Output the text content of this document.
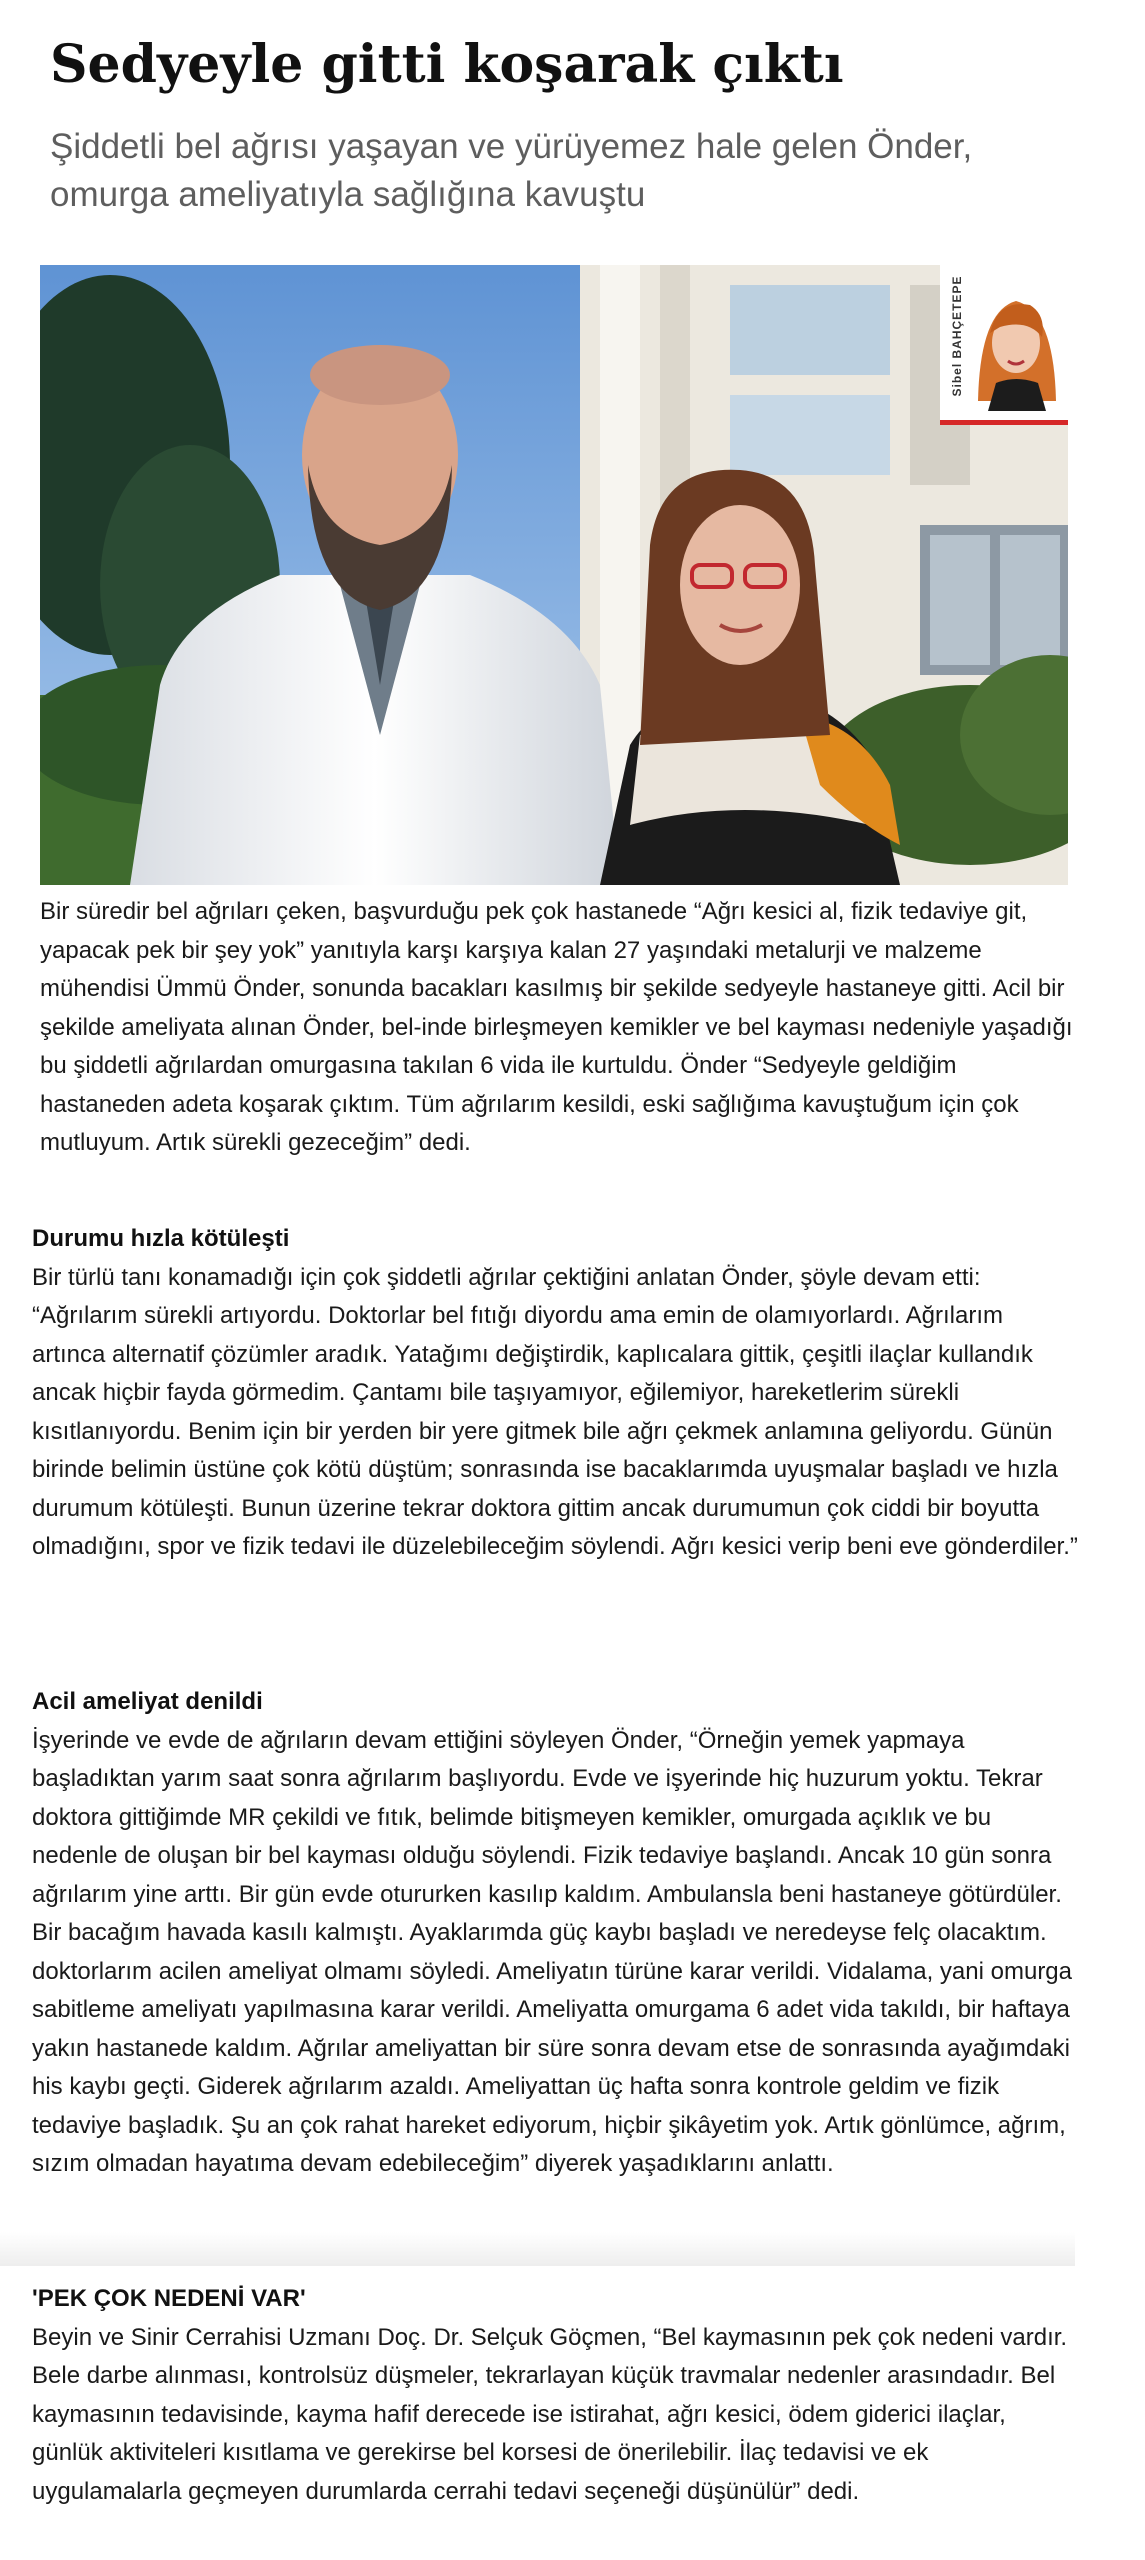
Sedyeyle gitti koşarak çıktı

Şiddetli bel ağrısı yaşayan ve yürüyemez hale gelen Önder, omurga ameliyatıyla sağlığına kavuştu

Sibel BAHÇETEPE

Bir süredir bel ağrıları çeken, başvurduğu pek çok hastanede “Ağrı kesici al, fizik tedaviye git, yapacak pek bir şey yok” yanıtıyla karşı karşıya kalan 27 yaşındaki metalurji ve malzeme mühendisi Ümmü Önder, sonunda bacakları kasılmış bir şekilde sedyeyle hastaneye gitti. Acil bir şekilde ameliyata alınan Önder, bel-inde birleşmeyen kemikler ve bel kayması nedeniyle yaşadığı bu şiddetli ağrılardan omurgasına takılan 6 vida ile kurtuldu. Önder “Sedyeyle geldiğim hastaneden adeta koşarak çıktım. Tüm ağrılarım kesildi, eski sağlığıma kavuştuğum için çok mutluyum. Artık sürekli gezeceğim” dedi.

Durumu hızla kötüleşti

Bir türlü tanı konamadığı için çok şiddetli ağrılar çektiğini anlatan Önder, şöyle devam etti:

“Ağrılarım sürekli artıyordu. Doktorlar bel fıtığı diyordu ama emin de olamıyorlardı. Ağrılarım artınca alternatif çözümler aradık. Yatağımı değiştirdik, kaplıcalara gittik, çeşitli ilaçlar kullandık ancak hiçbir fayda görmedim. Çantamı bile taşıyamıyor, eğilemiyor, hareketlerim sürekli kısıtlanıyordu. Benim için bir yerden bir yere gitmek bile ağrı çekmek anlamına geliyordu. Günün birinde belimin üstüne çok kötü düştüm; sonrasında ise bacaklarımda uyuşmalar başladı ve hızla durumum kötüleşti. Bunun üzerine tekrar doktora gittim ancak durumumun çok ciddi bir boyutta olmadığını, spor ve fizik tedavi ile düzelebileceğim söylendi. Ağrı kesici verip beni eve gönderdiler.”

Acil ameliyat denildi

İşyerinde ve evde de ağrıların devam ettiğini söyleyen Önder, “Örneğin yemek yapmaya başladıktan yarım saat sonra ağrılarım başlıyordu. Evde ve işyerinde hiç huzurum yoktu. Tekrar doktora gittiğimde MR çekildi ve fıtık, belimde bitişmeyen kemikler, omurgada açıklık ve bu nedenle de oluşan bir bel kayması olduğu söylendi. Fizik tedaviye başlandı. Ancak 10 gün sonra ağrılarım yine arttı. Bir gün evde otururken kasılıp kaldım. Ambulansla beni hastaneye götürdüler. Bir bacağım havada kasılı kalmıştı. Ayaklarımda güç kaybı başladı ve neredeyse felç olacaktım. doktorlarım acilen ameliyat olmamı söyledi. Ameliyatın türüne karar verildi. Vidalama, yani omurga sabitleme ameliyatı yapılmasına karar verildi. Ameliyatta omurgama 6 adet vida takıldı, bir haftaya yakın hastanede kaldım. Ağrılar ameliyattan bir süre sonra devam etse de sonrasında ayağımdaki his kaybı geçti. Giderek ağrılarım azaldı. Ameliyattan üç hafta sonra kontrole geldim ve fizik tedaviye başladık. Şu an çok rahat hareket ediyorum, hiçbir şikâyetim yok. Artık gönlümce, ağrım, sızım olmadan hayatıma devam edebileceğim” diyerek yaşadıklarını anlattı.

'PEK ÇOK NEDENİ VAR'

Beyin ve Sinir Cerrahisi Uzmanı Doç. Dr. Selçuk Göçmen, “Bel kaymasının pek çok nedeni vardır. Bele darbe alınması, kontrolsüz düşmeler, tekrarlayan küçük travmalar nedenler arasındadır. Bel kaymasının tedavisinde, kayma hafif derecede ise istirahat, ağrı kesici, ödem giderici ilaçlar, günlük aktiviteleri kısıtlama ve gerekirse bel korsesi de önerilebilir. İlaç tedavisi ve ek uygulamalarla geçmeyen durumlarda cerrahi tedavi seçeneği düşünülür” dedi.
